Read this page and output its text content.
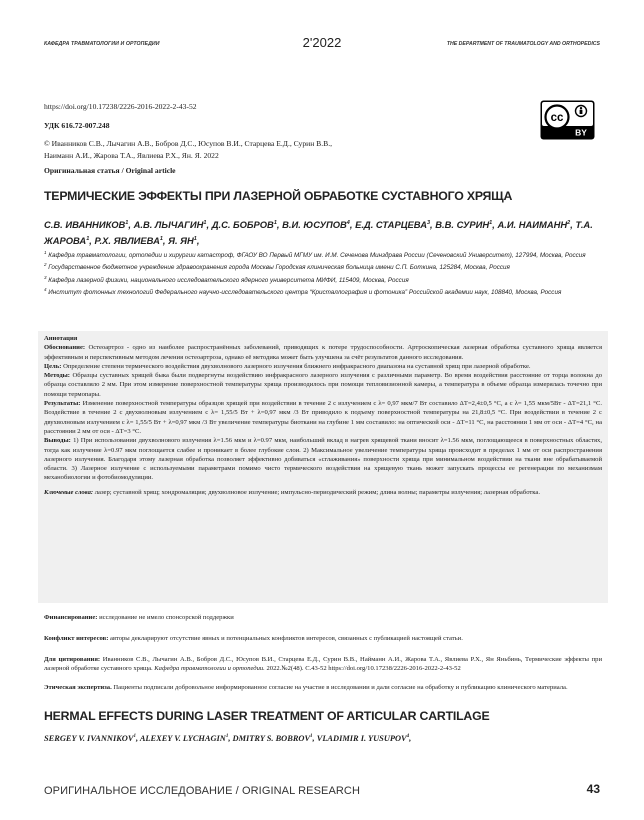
КАФЕДРА ТРАВМАТОЛОГИИ И ОРТОПЕДИИ	2'2022	THE DEPARTMENT OF TRAUMATOLOGY AND ORTHOPEDICS
https://doi.org/10.17238/2226-2016-2022-2-43-52
УДК 616.72-007.248
© Иванников С.В., Лычагин А.В., Бобров Д.С., Юсупов В.И., Старцева Е.Д., Сурин В.В.,
Наиманн А.И., Жарова Т.А., Явлиева Р.Х., Ян. Я. 2022
Оригинальная статья / Original article
cc
BY
ТЕРМИЧЕСКИЕ ЭФФЕКТЫ ПРИ ЛАЗЕРНОЙ ОБРАБОТКЕ СУСТАВНОГО ХРЯЩА
С.В. ИВАННИКОВ$^1$, А.В. ЛЫЧАГИН$^1$, Д.С. БОБРОВ$^1$, В.И. ЮСУПОВ$^4$, Е.Д. СТАРЦЕВА$^3$, В.В. СУРИН$^1$, А.И. НАИМАНН$^2$, Т.А. ЖАРОВА$^1$, Р.Х. ЯВЛИЕВА$^1$, Я. $ЯН^1$,

$^1$ Кафедра травматологии, ортопедии и хирургии катастроф, ФГАОУ ВО Первый МГМУ им. И.М. Сеченова Минздрава России (Сеченовский Университет), 127994, Москва, Россия

$^2$ Государственное бюджетное учреждение здравоохранения города Москвы Городская клиническая больница имени С.П. Боткина, 125284, Москва, Россия

$^3$ Кафедра лазерной физики, национального исследовательского ядерного университета МИФИ, 115409, Москва, Россия

$^4$ Институт фотонных технологий Федерального научно-исследовательского центра “Кристаллография и фотоника” Российской академии наук, 108840, Москва, Россия

Аннотация

Обоснование: Остеоартроз - одно из наиболее распространённых заболеваний, приводящих к потере трудоспособности. Артроскопическая лазерная обработка суставного хряща является эффективным и перспективным методом лечения остеоартроза, однако её методика может быть улучшена за счёт результатов данного исследования.

Цель: Определение степени термического воздействия двухволнового лазерного излучения ближнего инфракрасного диапазона на суставной хрящ при лазерной обработке.

Методы: Образцы суставных хрящей быка были подвергнуты воздействию инфракрасного лазерного излучения с различными параметр. Во время воздействия расстояние от торца волокна до образца составляло 2 мм. При этом измерение поверхностной температуры хряща производилось при помощи тепловизионной камеры, а температура в объеме образца измерялась точечно при помощи термопары.

Результаты: Изменение поверхностной температуры образцов хрящей при воздействии в течение 2 с излучением с λ= 0,97 мкм/7 Вт составило ΔТ=2,4±0,5 °С, а с λ= 1,55 мкм/5Вт - ΔТ=21,1 °С. Воздействие в течение 2 с двухволновым излучением с λ= 1,55/5 Вт + λ=0,97 мкм /3 Вт приводило к подъему поверхностной температуры на 21,8±0,5 °С. При воздействии в течение 2 с двухволновым излучением с λ= 1,55/5 Вт + λ=0,97 мкм /3 Вт увеличение температуры биоткани на глубине 1 мм составило: на оптической оси - ΔТ=11 °С, на расстоянии 1 мм от оси - ΔТ=4 °С, на расстоянии 2 мм от оси - ΔТ=3 °С.

Выводы: 1) При использовании двухволнового излучения λ=1.56 мкм и λ=0.97 мкм, наибольший вклад в нагрев хрящевой ткани вносит λ=1.56 мкм, поглощающееся в поверхностных областях, тогда как излучение λ=0.97 мкм поглощается слабее и проникает в более глубокие слои. 2) Максимальное увеличение температуры хряща происходит в пределах 1 мм от оси распространения лазерного излучения. Благодаря этому лазерная обработка позволяет эффективно добиваться «сглаживания» поверхности хряща при минимальном воздействии на ткани вне обрабатываемой области. 3) Лазерное излучение с используемыми параметрами помимо чисто термического воздействия на хрящевую ткань может запускать процессы ее регенерации по механизмам механобиологии и фотобиомодуляции.

Ключевые слова: лазер; суставной хрящ; хондромаляция; двухволновое излучение; импульсно-периодический режим; длина волны; параметры излучения; лазерная обработка.

Финансирование: исследование не имело спонсорской поддержки
Конфликт интересов: авторы декларируют отсутствие явных и потенциальных конфликтов интересов, связанных с публикацией настоящей статьи.
Для цитирования: Иванников С.В., Лычагин А.В., Бобров Д.С., Юсупов В.И., Старцева Е.Д., Сурин В.В., Найманн А.И., Жарова Т.А., Явлиева Р.Х., Ян Яньбинь, Термические эффекты при лазерной обработке суставного хряща. Кафедра травматологии и ортопедии. 2022.№2(48). С.43-52 https://doi.org/10.17238/2226-2016-2022-2-43-52
Этическая экспертиза. Пациенты подписали добровольное информированное согласие на участие в исследовании и дали согласие на обработку и публикацию клинического материала.
HERMAL EFFECTS DURING LASER TREATMENT OF ARTICULAR CARTILAGE
SERGEY V. IVANNIKOV$^1$, ALEXEY V. LYCHAGIN$^1$, DMITRY S. BOBROV$^1$, VLADIMIR I. YUSUPOV$^4$,
ОРИГИНАЛЬНОЕ ИССЛЕДОВАНИЕ / ORIGINAL RESEARCH	43
